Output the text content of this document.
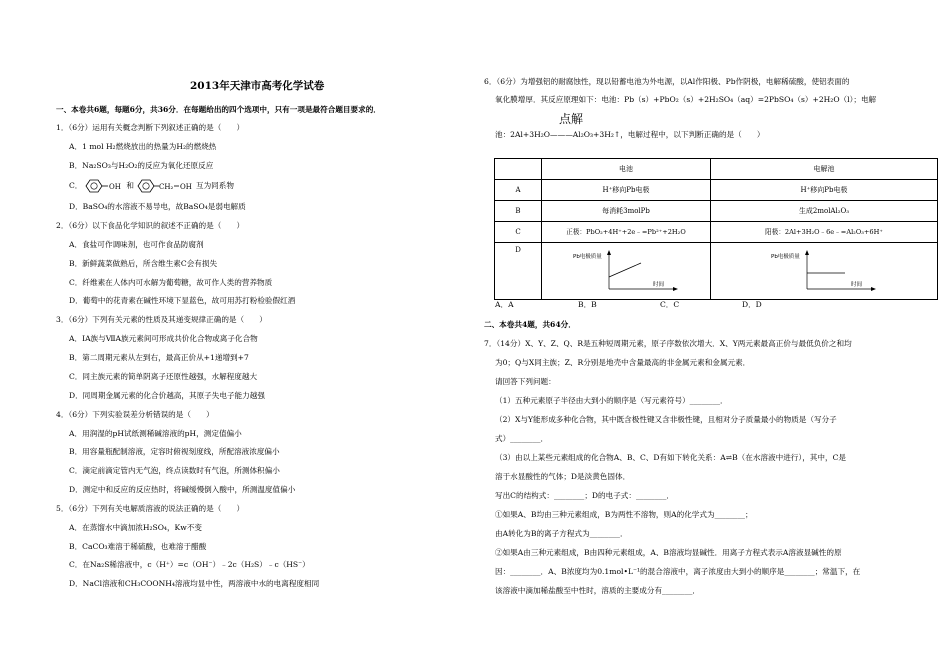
2013年天津市高考化学试卷
一、本卷共6题，每题6分，共36分．在每题给出的四个选项中，只有一项是最符合题目要求的．
1．（6分）运用有关概念判断下列叙述正确的是（　　）
A．1 mol H₂燃烧放出的热量为H₂的燃烧热
B．Na₂SO₃与H₂O₂的反应为氧化还原反应
C．	OH 和	CH₂ OH 互为同系物
D．BaSO₄的水溶液不易导电，故BaSO₄是弱电解质
2．（6分）以下食品化学知识的叙述不正确的是（　　）
A．食盐可作调味剂，也可作食品防腐剂
B．新鲜蔬菜做熟后，所含维生素C会有损失
C．纤维素在人体内可水解为葡萄糖，故可作人类的营养物质
D．葡萄中的花青素在碱性环境下显蓝色，故可用苏打粉检验假红酒
3．（6分）下列有关元素的性质及其递变规律正确的是（　　）
A．ⅠA族与ⅦA族元素间可形成共价化合物或离子化合物
B．第二周期元素从左到右，最高正价从+1递增到+7
C．同主族元素的简单阴离子还原性越强，水解程度越大
D．同周期金属元素的化合价越高，其原子失电子能力越强
4．（6分）下列实验误差分析错误的是（　　）
A．用润湿的pH试纸测稀碱溶液的pH，测定值偏小
B．用容量瓶配制溶液，定容时俯视刻度线，所配溶液浓度偏小
C．滴定前滴定管内无气泡，终点读数时有气泡，所测体积偏小
D．测定中和反应的反应热时，将碱缓慢倒入酸中，所测温度值偏小
5．（6分）下列有关电解质溶液的说法正确的是（　　）
A．在蒸馏水中滴加浓H₂SO₄，Kw不变
B．CaCO₃难溶于稀硫酸，也难溶于醋酸
C．在Na₂S稀溶液中，c（H⁺）=c（OH⁻）﹣2c（H₂S）﹣c（HS⁻）
D．NaCl溶液和CH₃COONH₄溶液均显中性，两溶液中水的电离程度相同
6．（6分）为增强铝的耐腐蚀性，现以铅蓄电池为外电源，以Al作阳极、Pb作阴极，电解稀硫酸，使铝表面的
氧化膜增厚．其反应原理如下：电池：Pb（s）+PbO₂（s）+2H₂SO₄（aq）=2PbSO₄（s）+2H₂O（l）；电解
点解
池：2Al+3H₂O———Al₂O₃+3H₂↑，电解过程中，以下判断正确的是（　　）
	电池	电解池
A	H⁺移向Pb电极	H⁺移向Pb电极
B	每消耗3molPb	生成2molAl₂O₃
C	正极：PbO₂+4H⁺+2e﹣=Pb²⁺+2H₂O	阳极：2Al+3H₂O﹣6e﹣=Al₂O₃+6H⁺
D	Pb电极质量
时间	Pb电极质量
时间
A．A	B．B	C．C	D．D
二、本卷共4题，共64分．
7．（14分）X、Y、Z、Q、R是五种短周期元素，原子序数依次增大．X、Y两元素最高正价与最低负价之和均
为0；Q与X同主族；Z、R分别是地壳中含量最高的非金属元素和金属元素．
请回答下列问题：
（1）五种元素原子半径由大到小的顺序是（写元素符号）________．
（2）X与Y能形成多种化合物，其中既含极性键又含非极性键，且相对分子质量最小的物质是（写分子
式）________．
（3）由以上某些元素组成的化合物A、B、C、D有如下转化关系：A⇌B（在水溶液中进行），其中，C是
溶于水显酸性的气体；D是淡黄色固体．
写出C的结构式：________；D的电子式：________．
①如果A、B均由三种元素组成，B为两性不溶物，则A的化学式为________；
由A转化为B的离子方程式为________．
②如果A由三种元素组成，B由四种元素组成，A、B溶液均显碱性．用离子方程式表示A溶液显碱性的原
因：________．A、B浓度均为0.1mol•L⁻¹的混合溶液中，离子浓度由大到小的顺序是________；常温下，在
该溶液中滴加稀盐酸至中性时，溶质的主要成分有________．
